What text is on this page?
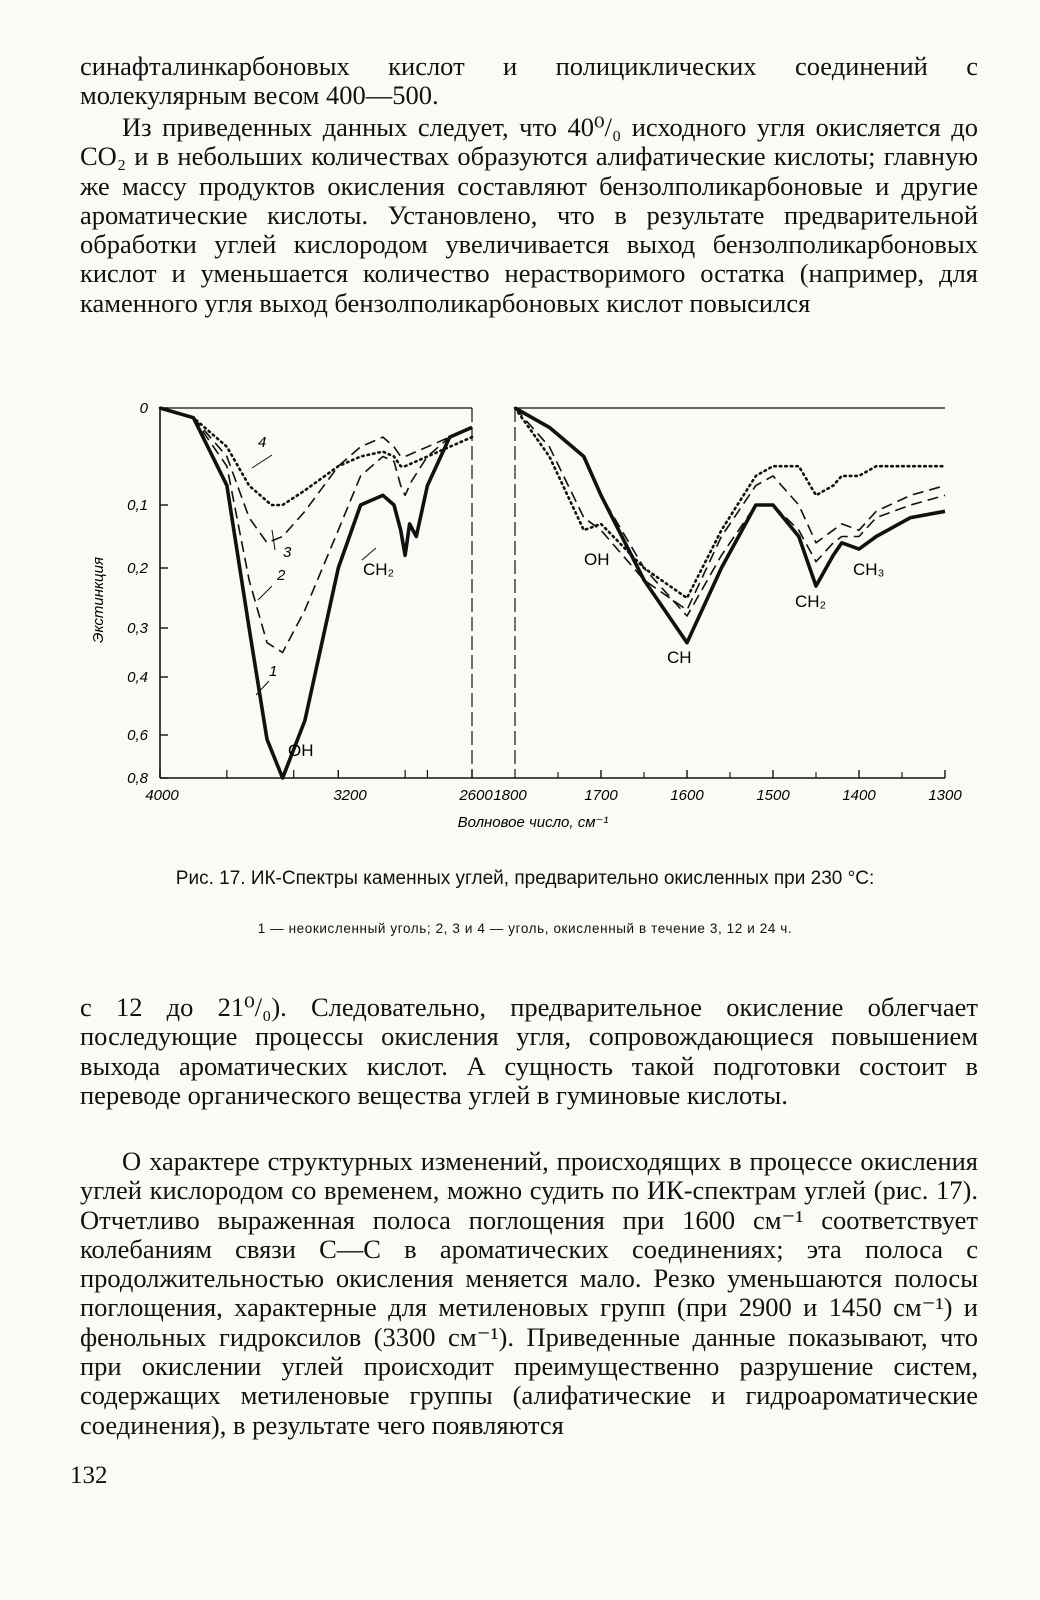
синафталинкарбоновых кислот и полициклических соединений с молекулярным весом 400—500.

Из приведенных данных следует, что 40⁰/₀ исходного угля окисляется до CO₂ и в небольших количествах образуются алифатические кислоты; главную же массу продуктов окисления составляют бензолполикарбоновые и другие ароматические кислоты. Установлено, что в результате предварительной обработки углей кислородом увеличивается выход бензолполикарбоновых кислот и уменьшается количество нерастворимого остатка (например, для каменного угля выход бензолполикарбоновых кислот повысился

0
0,1
0,2
0,3
0,4
0,6
0,8
Экстинкция
4000	3200	2600 1800	1700	1600	1500	1400	1300
Волновое число, см⁻¹
4
3
2
1
OH
CH₂
OH
CH
CH₂
CH₃
Рис. 17. ИК-Спектры каменных углей, предварительно окисленных при 230 °С:
1 — неокисленный уголь; 2, 3 и 4 — уголь, окисленный в течение 3, 12 и 24 ч.

с 12 до 21⁰/₀). Следовательно, предварительное окисление облегчает последующие процессы окисления угля, сопровождающиеся повышением выхода ароматических кислот. А сущность такой подготовки состоит в переводе органического вещества углей в гуминовые кислоты.

О характере структурных изменений, происходящих в процессе окисления углей кислородом со временем, можно судить по ИК-спектрам углей (рис. 17). Отчетливо выраженная полоса поглощения при 1600 см⁻¹ соответствует колебаниям связи С—С в ароматических соединениях; эта полоса с продолжительностью окисления меняется мало. Резко уменьшаются полосы поглощения, характерные для метиленовых групп (при 2900 и 1450 см⁻¹) и фенольных гидроксилов (3300 см⁻¹). Приведенные данные показывают, что при окислении углей происходит преимущественно разрушение систем, содержащих метиленовые группы (алифатические и гидроароматические соединения), в результате чего появляются

132
